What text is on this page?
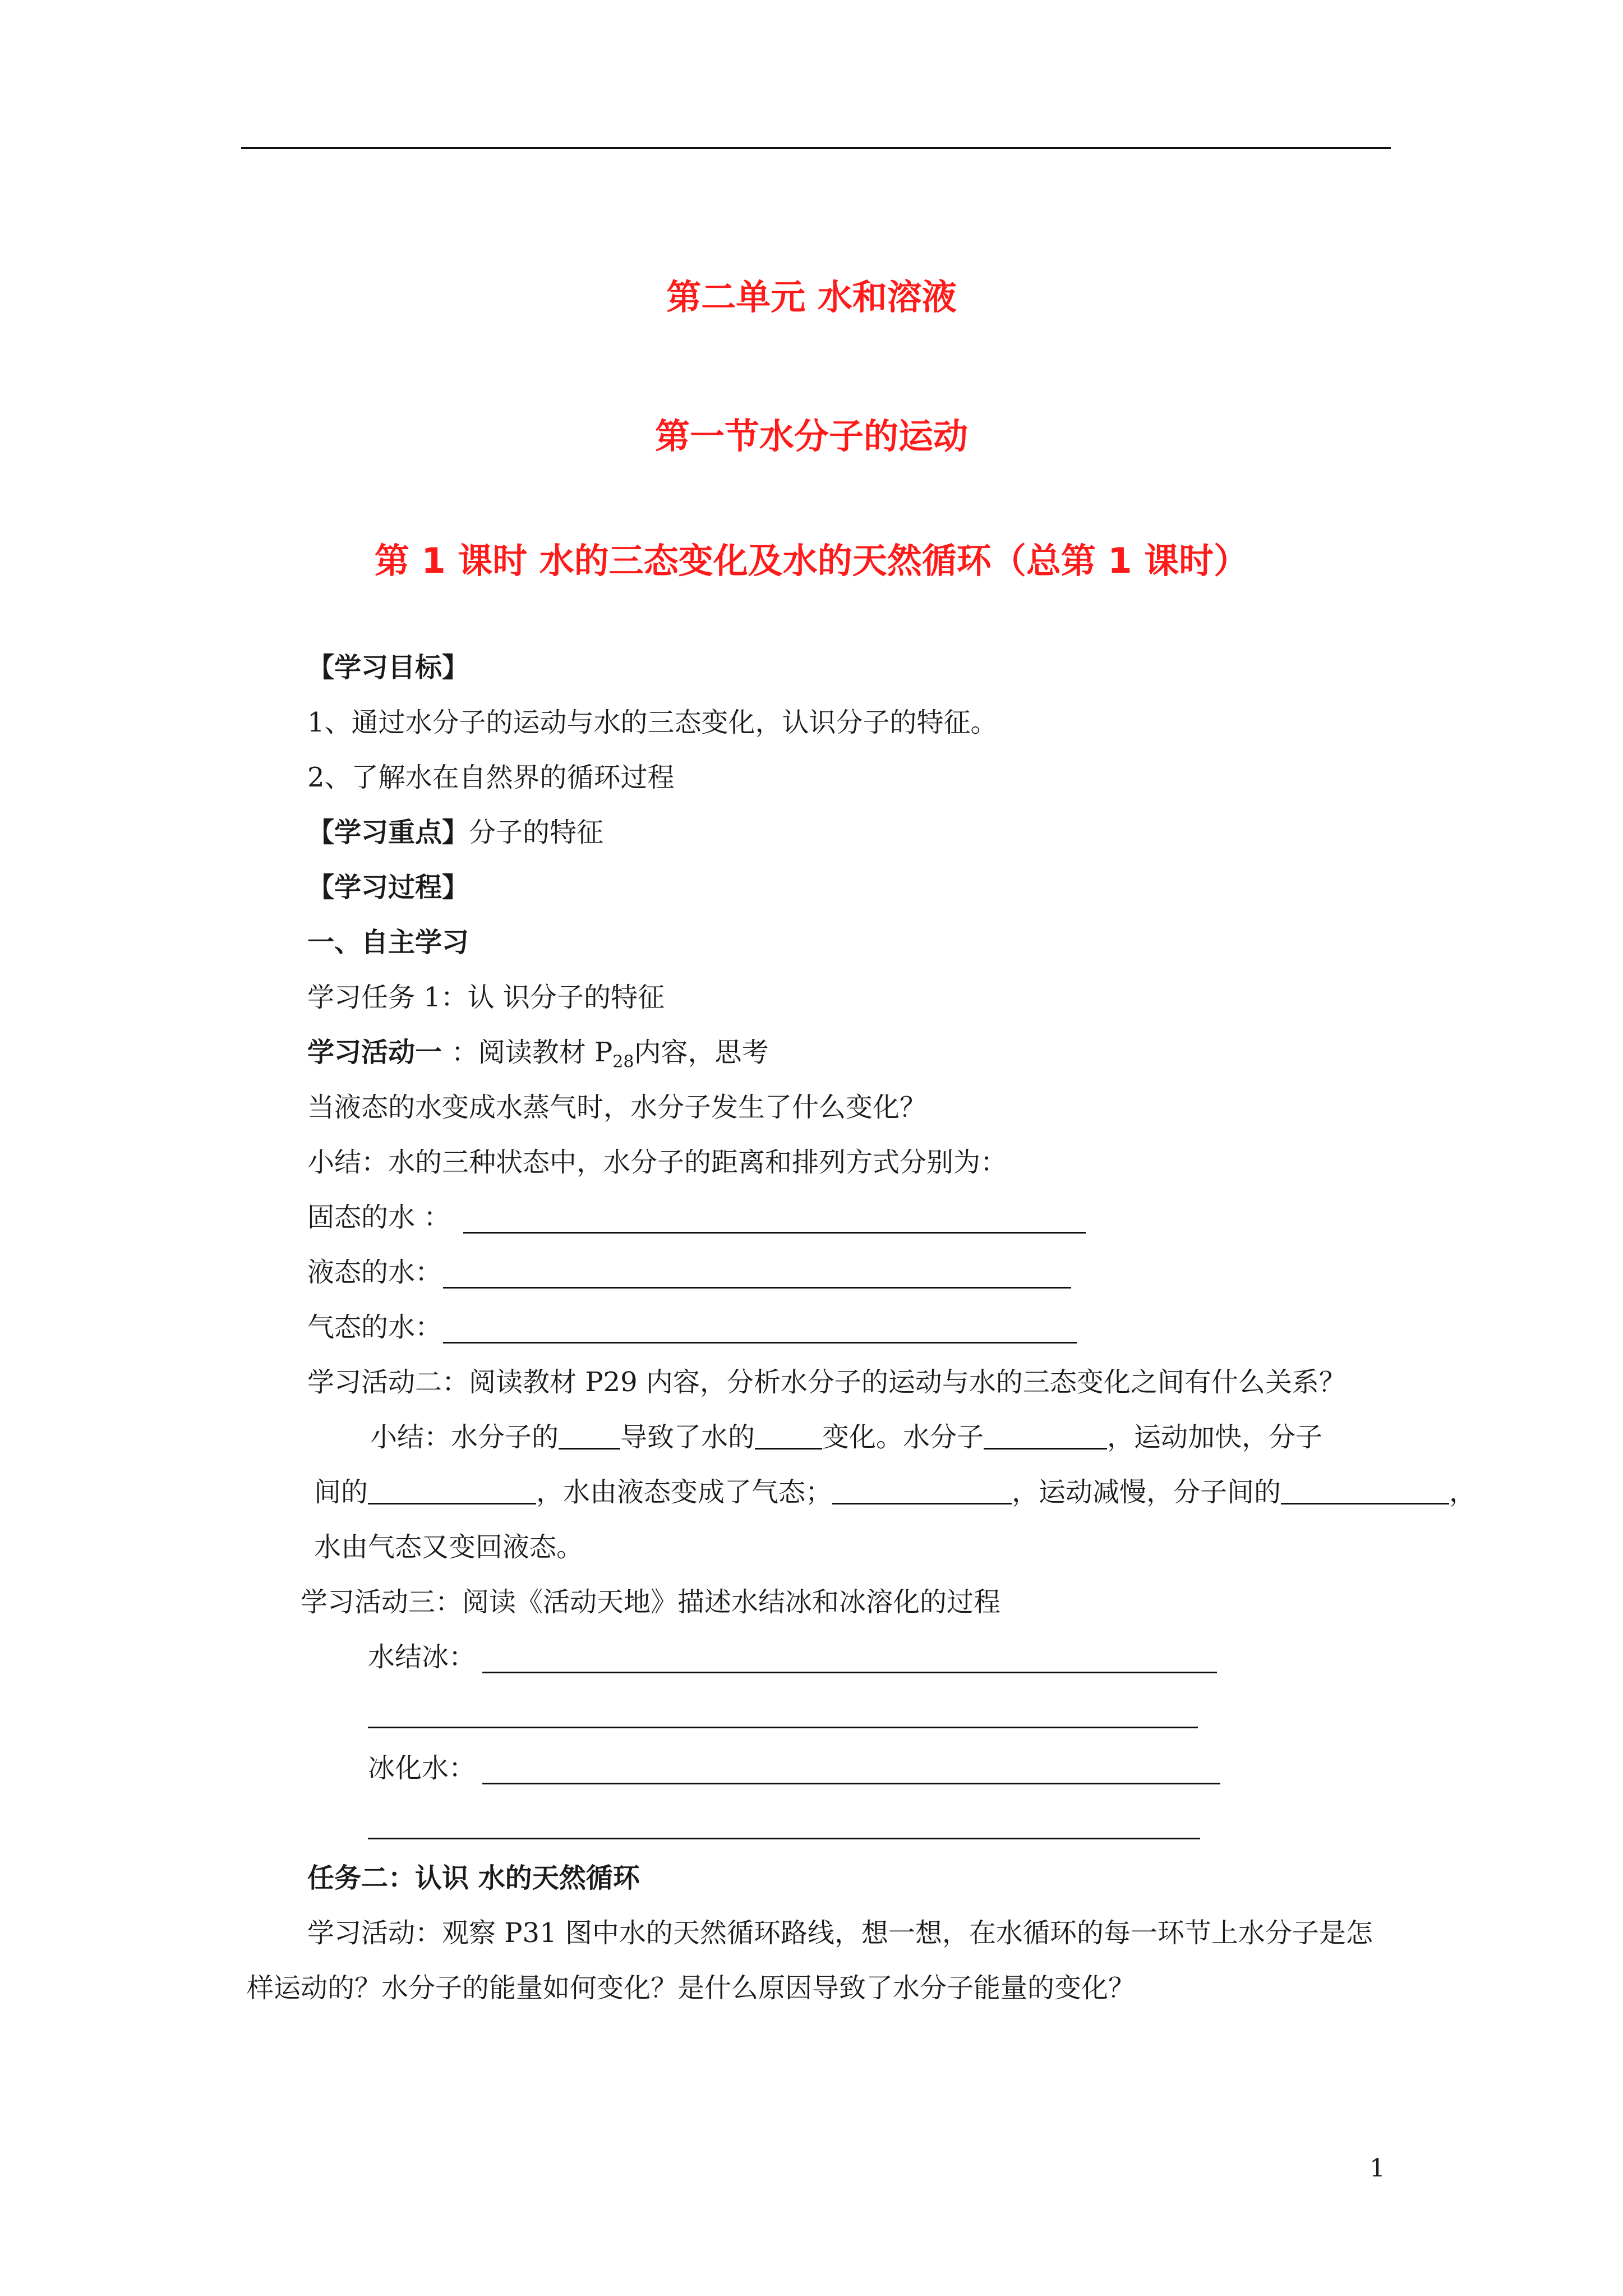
第二单元 水和溶液
第一节水分子的运动
第 1 课时 水的三态变化及水的天然循环（总第 1 课时）
【学习目标】
1、通过水分子的运动与水的三态变化，认识分子的特征。
2、了解水在自然界的循环过程
【学习重点】分子的特征
【学习过程】
一、自主学习
学习任务 1：认 识分子的特征
学习活动一 ：阅读教材 $P_{28}$内容，思考
当液态的水变成水蒸气时，水分子发生了什么变化？
小结：水的三种状态中，水分子的距离和排列方式分别为：
固态的水 ：
液态的水：
气态的水：
学习活动二：阅读教材 P29 内容，分析水分子的运动与水的三态变化之间有什么关系？
小结：水分子的 导致了水的	变化。水分子	，运动加快，分子
间的	，水由液态变成了气态；	，运动减慢，分子间的	，
水由气态又变回液态。
学习活动三：阅读《活动天地》描述水结冰和冰溶化的过程
水结冰：
冰化水：
任务二：认识 水的天然循环
学习活动：观察 P31 图中水的天然循环路线，想一想，在水循环的每一环节上水分子是怎
样运动的？水分子的能量如何变化？是什么原因导致了水分子能量的变化？
1
